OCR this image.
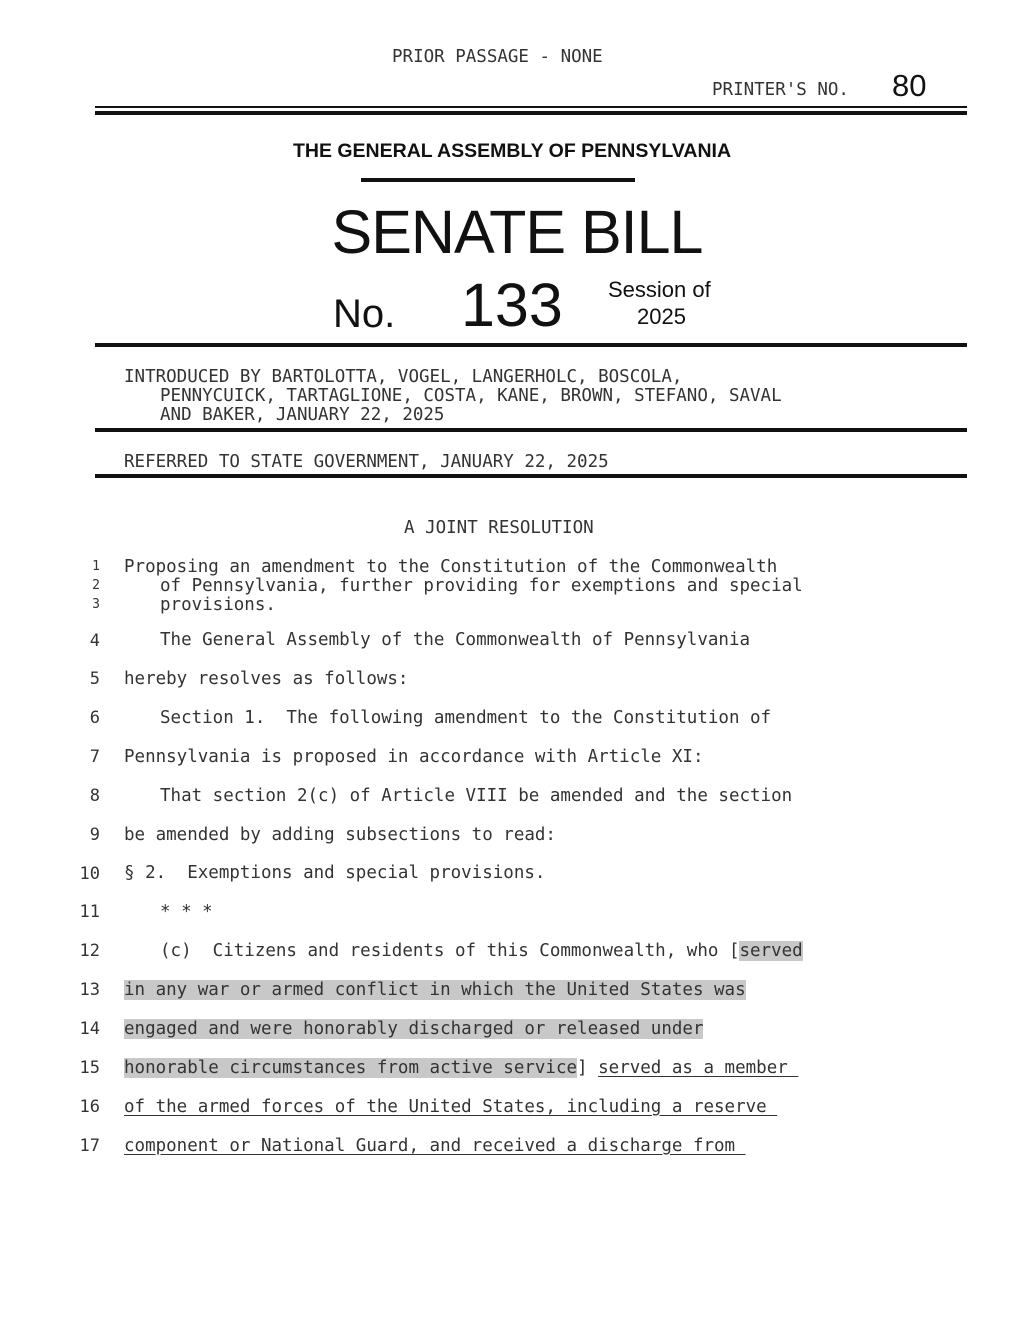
PRIOR PASSAGE - NONE
PRINTER'S NO. 80
THE GENERAL ASSEMBLY OF PENNSYLVANIA
SENATE BILL
No. 133 Session of
2025
INTRODUCED BY BARTOLOTTA, VOGEL, LANGERHOLC, BOSCOLA,
PENNYCUICK, TARTAGLIONE, COSTA, KANE, BROWN, STEFANO, SAVAL
AND BAKER, JANUARY 22, 2025
REFERRED TO STATE GOVERNMENT, JANUARY 22, 2025
A JOINT RESOLUTION
1
2
3
4
5
6
7
8
9
10
11
12
13
14
15
16
17
Proposing an amendment to the Constitution of the Commonwealth
of Pennsylvania, further providing for exemptions and special
provisions.
The General Assembly of the Commonwealth of Pennsylvania
hereby resolves as follows:
Section 1.  The following amendment to the Constitution of
Pennsylvania is proposed in accordance with Article XI:
That section 2(c) of Article VIII be amended and the section
be amended by adding subsections to read:
§ 2.  Exemptions and special provisions.
* * *
(c)  Citizens and residents of this Commonwealth, who [served
in any war or armed conflict in which the United States was
engaged and were honorably discharged or released under
honorable circumstances from active service] served as a member
of the armed forces of the United States, including a reserve
component or National Guard, and received a discharge from
